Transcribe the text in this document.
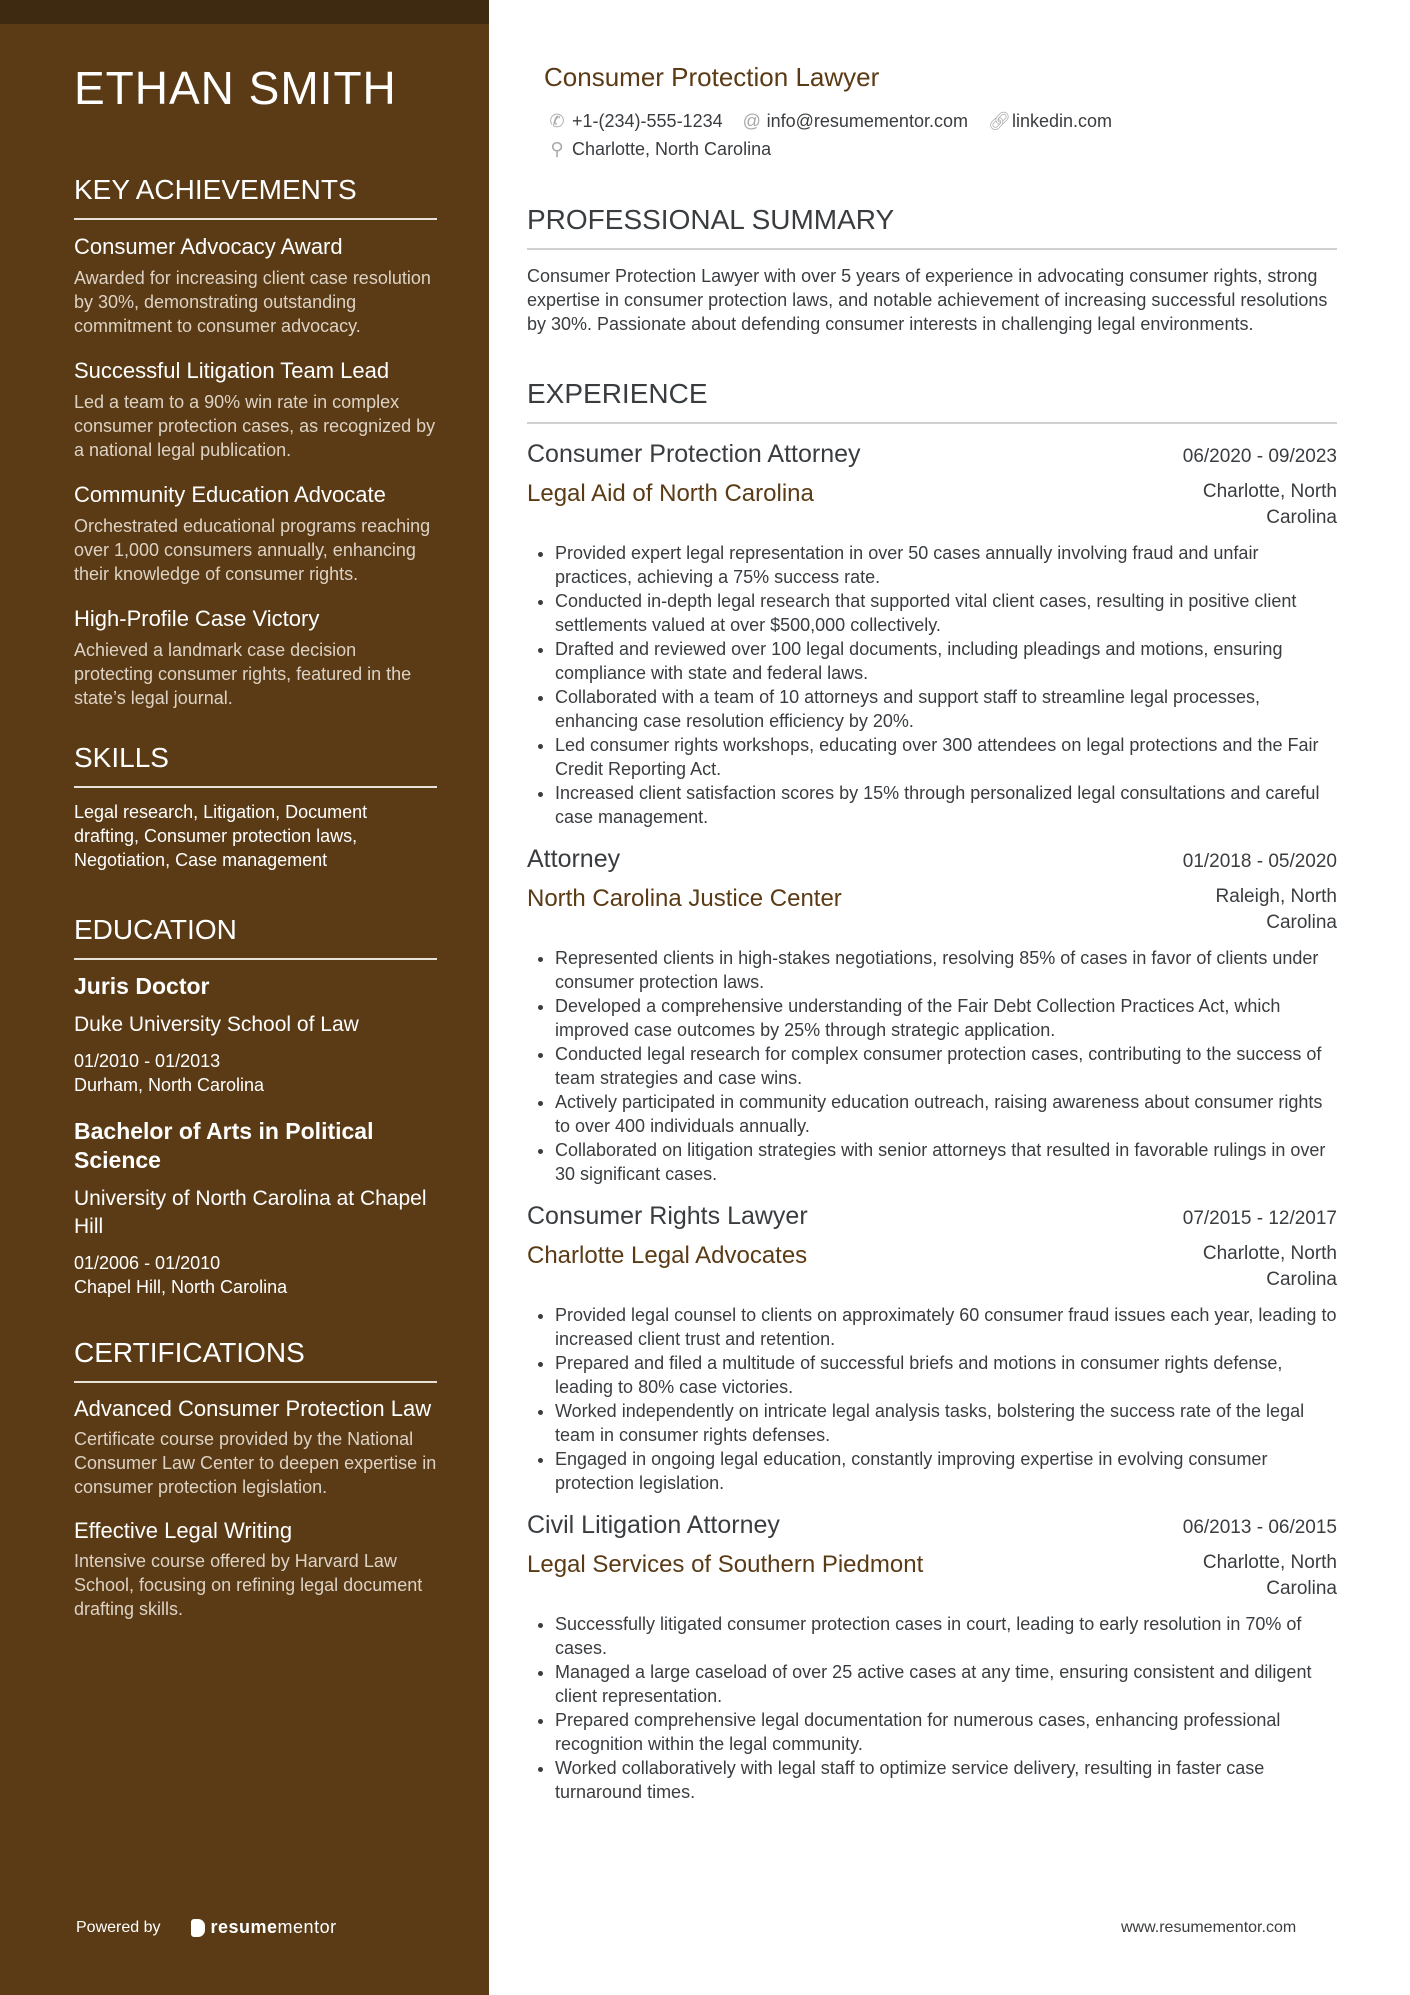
ETHAN SMITH
KEY ACHIEVEMENTS

Consumer Advocacy Award

Awarded for increasing client case resolution by 30%, demonstrating outstanding commitment to consumer advocacy.

Successful Litigation Team Lead

Led a team to a 90% win rate in complex consumer protection cases, as recognized by a national legal publication.

Community Education Advocate

Orchestrated educational programs reaching over 1,000 consumers annually, enhancing their knowledge of consumer rights.

High-Profile Case Victory

Achieved a landmark case decision protecting consumer rights, featured in the state’s legal journal.

SKILLS

Legal research, Litigation, Document drafting, Consumer protection laws, Negotiation, Case management

EDUCATION

Juris Doctor

Duke University School of Law

01/2010 - 01/2013
Durham, North Carolina

Bachelor of Arts in Political Science

University of North Carolina at Chapel Hill

01/2006 - 01/2010
Chapel Hill, North Carolina

CERTIFICATIONS

Advanced Consumer Protection Law

Certificate course provided by the National Consumer Law Center to deepen expertise in consumer protection legislation.

Effective Legal Writing

Intensive course offered by Harvard Law School, focusing on refining legal document drafting skills.

Powered by	resume mentor
Consumer Protection Lawyer
✆ +1-(234)-555-1234 @ info@resumementor.com 🔗︎ linkedin.com
⚲ Charlotte, North Carolina
PROFESSIONAL SUMMARY

Consumer Protection Lawyer with over 5 years of experience in advocating consumer rights, strong expertise in consumer protection laws, and notable achievement of increasing successful resolutions by 30%. Passionate about defending consumer interests in challenging legal environments.

EXPERIENCE
Consumer Protection Attorney	06/2020 - 09/2023
Legal Aid of North Carolina	Charlotte, North Carolina
• Provided expert legal representation in over 50 cases annually involving fraud and unfair practices, achieving a 75% success rate.
• Conducted in-depth legal research that supported vital client cases, resulting in positive client settlements valued at over $500,000 collectively.
• Drafted and reviewed over 100 legal documents, including pleadings and motions, ensuring compliance with state and federal laws.
• Collaborated with a team of 10 attorneys and support staff to streamline legal processes, enhancing case resolution efficiency by 20%.
• Led consumer rights workshops, educating over 300 attendees on legal protections and the Fair Credit Reporting Act.
• Increased client satisfaction scores by 15% through personalized legal consultations and careful case management.
Attorney	01/2018 - 05/2020
North Carolina Justice Center	Raleigh, North Carolina
• Represented clients in high-stakes negotiations, resolving 85% of cases in favor of clients under consumer protection laws.
• Developed a comprehensive understanding of the Fair Debt Collection Practices Act, which improved case outcomes by 25% through strategic application.
• Conducted legal research for complex consumer protection cases, contributing to the success of team strategies and case wins.
• Actively participated in community education outreach, raising awareness about consumer rights to over 400 individuals annually.
• Collaborated on litigation strategies with senior attorneys that resulted in favorable rulings in over 30 significant cases.
Consumer Rights Lawyer	07/2015 - 12/2017
Charlotte Legal Advocates	Charlotte, North Carolina
• Provided legal counsel to clients on approximately 60 consumer fraud issues each year, leading to increased client trust and retention.
• Prepared and filed a multitude of successful briefs and motions in consumer rights defense, leading to 80% case victories.
• Worked independently on intricate legal analysis tasks, bolstering the success rate of the legal team in consumer rights defenses.
• Engaged in ongoing legal education, constantly improving expertise in evolving consumer protection legislation.
Civil Litigation Attorney	06/2013 - 06/2015
Legal Services of Southern Piedmont	Charlotte, North Carolina
• Successfully litigated consumer protection cases in court, leading to early resolution in 70% of cases.
• Managed a large caseload of over 25 active cases at any time, ensuring consistent and diligent client representation.
• Prepared comprehensive legal documentation for numerous cases, enhancing professional recognition within the legal community.
• Worked collaboratively with legal staff to optimize service delivery, resulting in faster case turnaround times.
www.resumementor.com
